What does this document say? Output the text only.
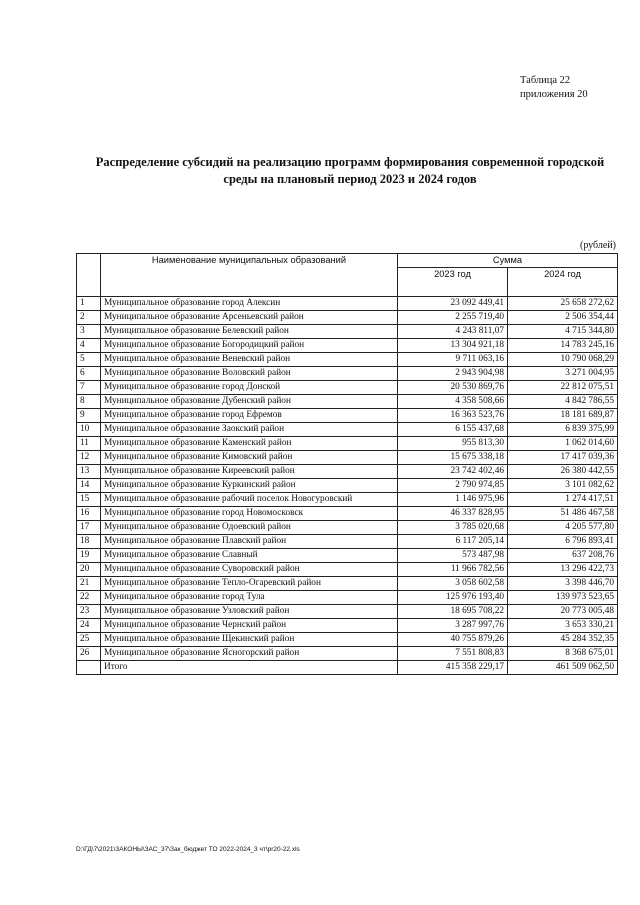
Таблица 22
приложения 20
Распределение субсидий на реализацию программ формирования современной городской
среды на плановый период 2023 и 2024 годов
(рублей)
	Наименование муниципальных образований	Сумма	
		2023 год	2024 год
1	Муниципальное образование город Алексин	23 092 449,41	25 658 272,62
2	Муниципальное образование Арсеньевский район	2 255 719,40	2 506 354,44
3	Муниципальное образование Белевский район	4 243 811,07	4 715 344,80
4	Муниципальное образование Богородицкий район	13 304 921,18	14 783 245,16
5	Муниципальное образование Веневский район	9 711 063,16	10 790 068,29
6	Муниципальное образование Воловский район	2 943 904,98	3 271 004,95
7	Муниципальное образование город Донской	20 530 869,76	22 812 075,51
8	Муниципальное образование Дубенский район	4 358 508,66	4 842 786,55
9	Муниципальное образование город Ефремов	16 363 523,76	18 181 689,87
10	Муниципальное образование Заокский район	6 155 437,68	6 839 375,99
11	Муниципальное образование Каменский район	955 813,30	1 062 014,60
12	Муниципальное образование Кимовский район	15 675 338,18	17 417 039,36
13	Муниципальное образование Киреевский район	23 742 402,46	26 380 442,55
14	Муниципальное образование Куркинский район	2 790 974,85	3 101 082,62
15	Муниципальное образование рабочий поселок Новогуровский	1 146 975,96	1 274 417,51
16	Муниципальное образование город Новомосковск	46 337 828,95	51 486 467,58
17	Муниципальное образование Одоевский район	3 785 020,68	4 205 577,80
18	Муниципальное образование Плавский район	6 117 205,14	6 796 893,41
19	Муниципальное образование Славный	573 487,98	637 208,76
20	Муниципальное образование Суворовский район	11 966 782,56	13 296 422,73
21	Муниципальное образование Тепло-Огаревский район	3 058 602,58	3 398 446,70
22	Муниципальное образование город Тула	125 976 193,40	139 973 523,65
23	Муниципальное образование Узловский район	18 695 708,22	20 773 005,48
24	Муниципальное образование Чернский район	3 287 997,76	3 653 330,21
25	Муниципальное образование Щекинский район	40 755 879,26	45 284 352,35
26	Муниципальное образование Ясногорский район	7 551 808,83	8 368 675,01
	Итого	415 358 229,17	461 509 062,50
D:\ГД\7\2021\ЗАКОНЫ\ЗАС_37\Зак_бюджет ТО 2022-2024_3 чт\pr20-22.xls
